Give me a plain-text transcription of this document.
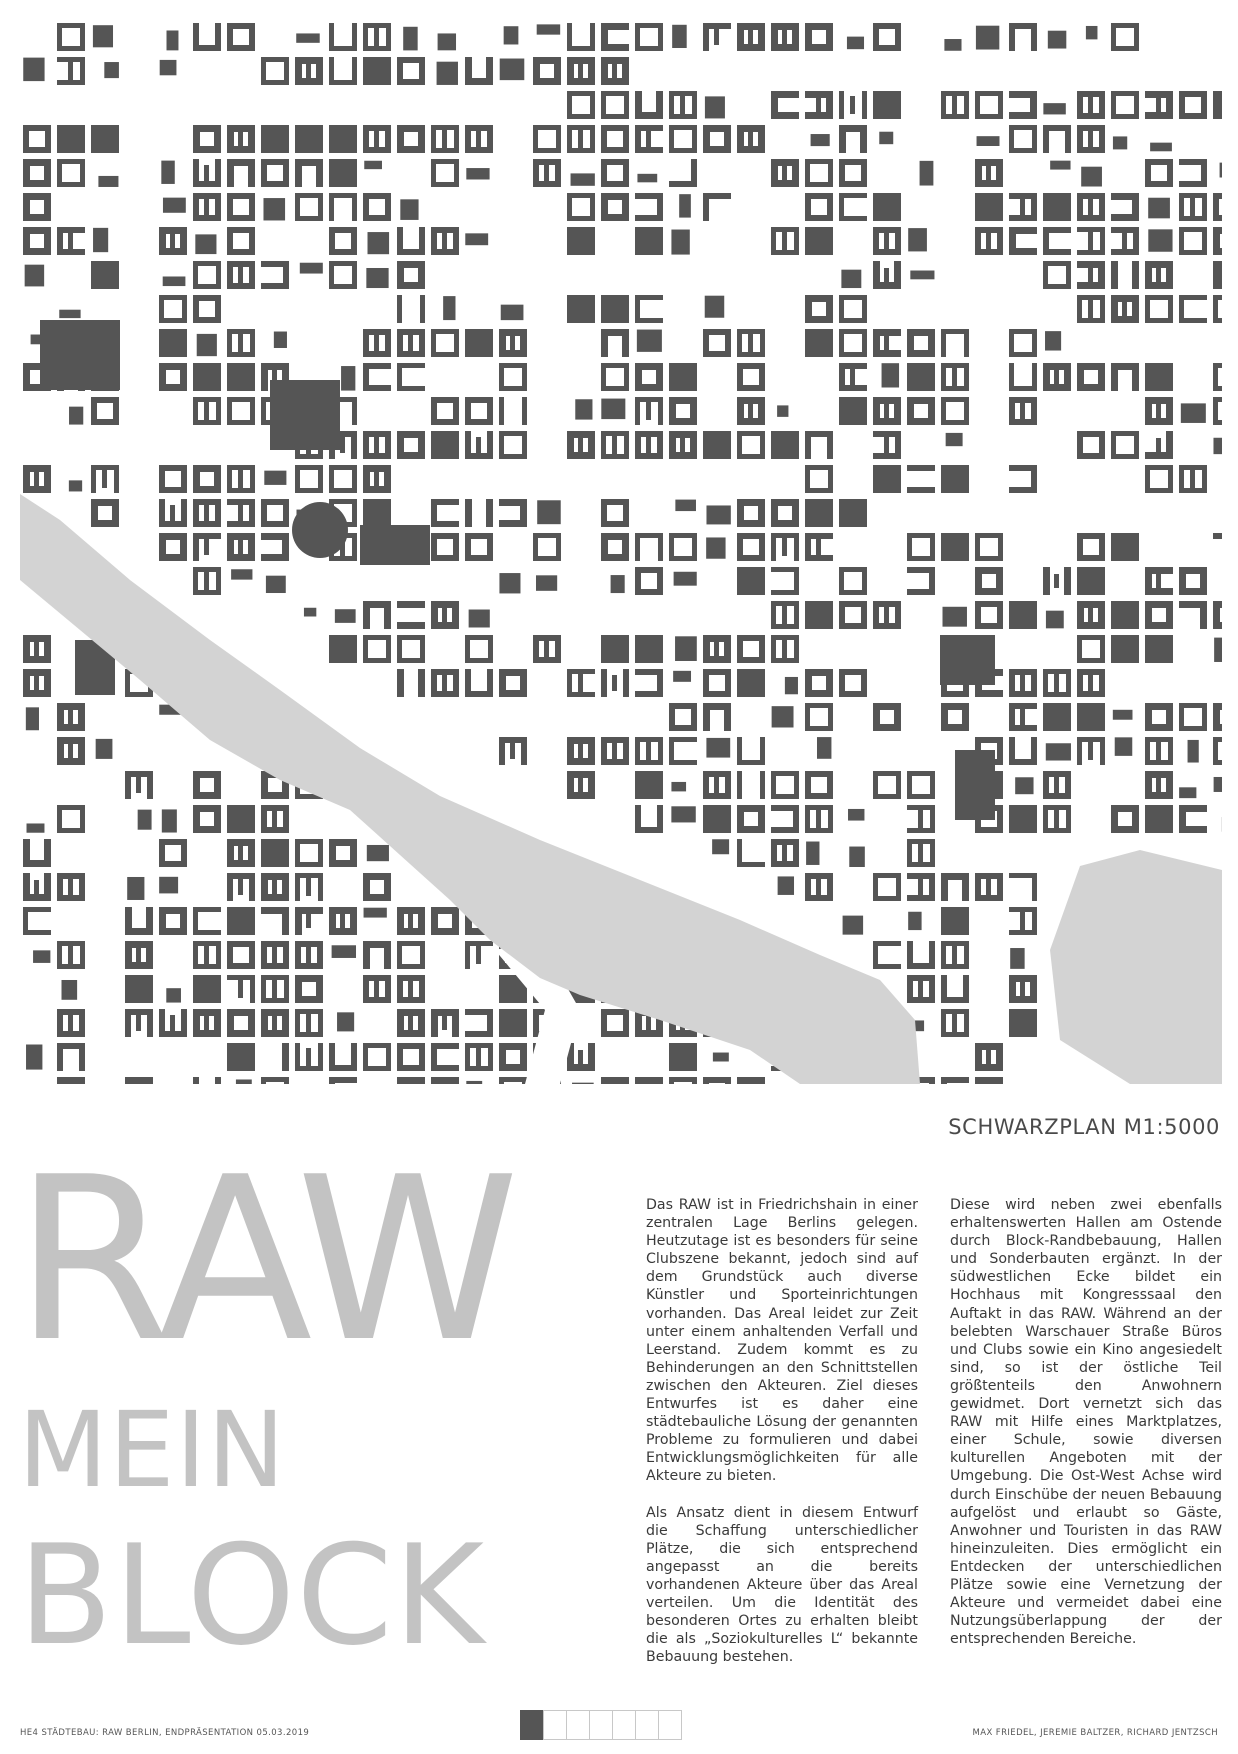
SCHWARZPLAN M1:5000
RAW
MEIN
BLOCK

Das RAW ist in Friedrichshain in einer zentralen Lage Berlins gelegen. Heutzutage ist es besonders für seine Clubszene bekannt, jedoch sind auf dem Grundstück auch diverse Künstler und Sporteinrichtungen vorhanden. Das Areal leidet zur Zeit unter einem anhaltenden Verfall und Leerstand. Zudem kommt es zu Behinderungen an den Schnittstellen zwischen den Akteuren. Ziel dieses Entwurfes ist es daher eine städtebauliche Lösung der genannten Probleme zu formulieren und dabei Entwicklungsmöglichkeiten für alle Akteure zu bieten.

Als Ansatz dient in diesem Entwurf die Schaffung unterschiedlicher Plätze, die sich entsprechend angepasst an die bereits vorhandenen Akteure über das Areal verteilen. Um die Identität des besonderen Ortes zu erhalten bleibt die als „Soziokulturelles L“ bekannte Bebauung bestehen.

Diese wird neben zwei ebenfalls erhaltenswerten Hallen am Ostende durch Block-Randbebauung, Hallen und Sonderbauten ergänzt. In der südwestlichen Ecke bildet ein Hochhaus mit Kongresssaal den Auftakt in das RAW. Während an der belebten Warschauer Straße Büros und Clubs sowie ein Kino angesiedelt sind, so ist der östliche Teil größtenteils den Anwohnern gewidmet. Dort vernetzt sich das RAW mit Hilfe eines Marktplatzes, einer Schule, sowie diversen kulturellen Angeboten mit der Umgebung. Die Ost-West Achse wird durch Einschübe der neuen Bebauung aufgelöst und erlaubt so Gäste, Anwohner und Touristen in das RAW hineinzuleiten. Dies ermöglicht ein Entdecken der unterschiedlichen Plätze sowie eine Vernetzung der Akteure und vermeidet dabei eine Nutzungsüberlappung der der entsprechenden Bereiche.

HE4 STÄDTEBAU: RAW BERLIN, ENDPRÄSENTATION 05.03.2019	MAX FRIEDEL, JEREMIE BALTZER, RICHARD JENTZSCH
